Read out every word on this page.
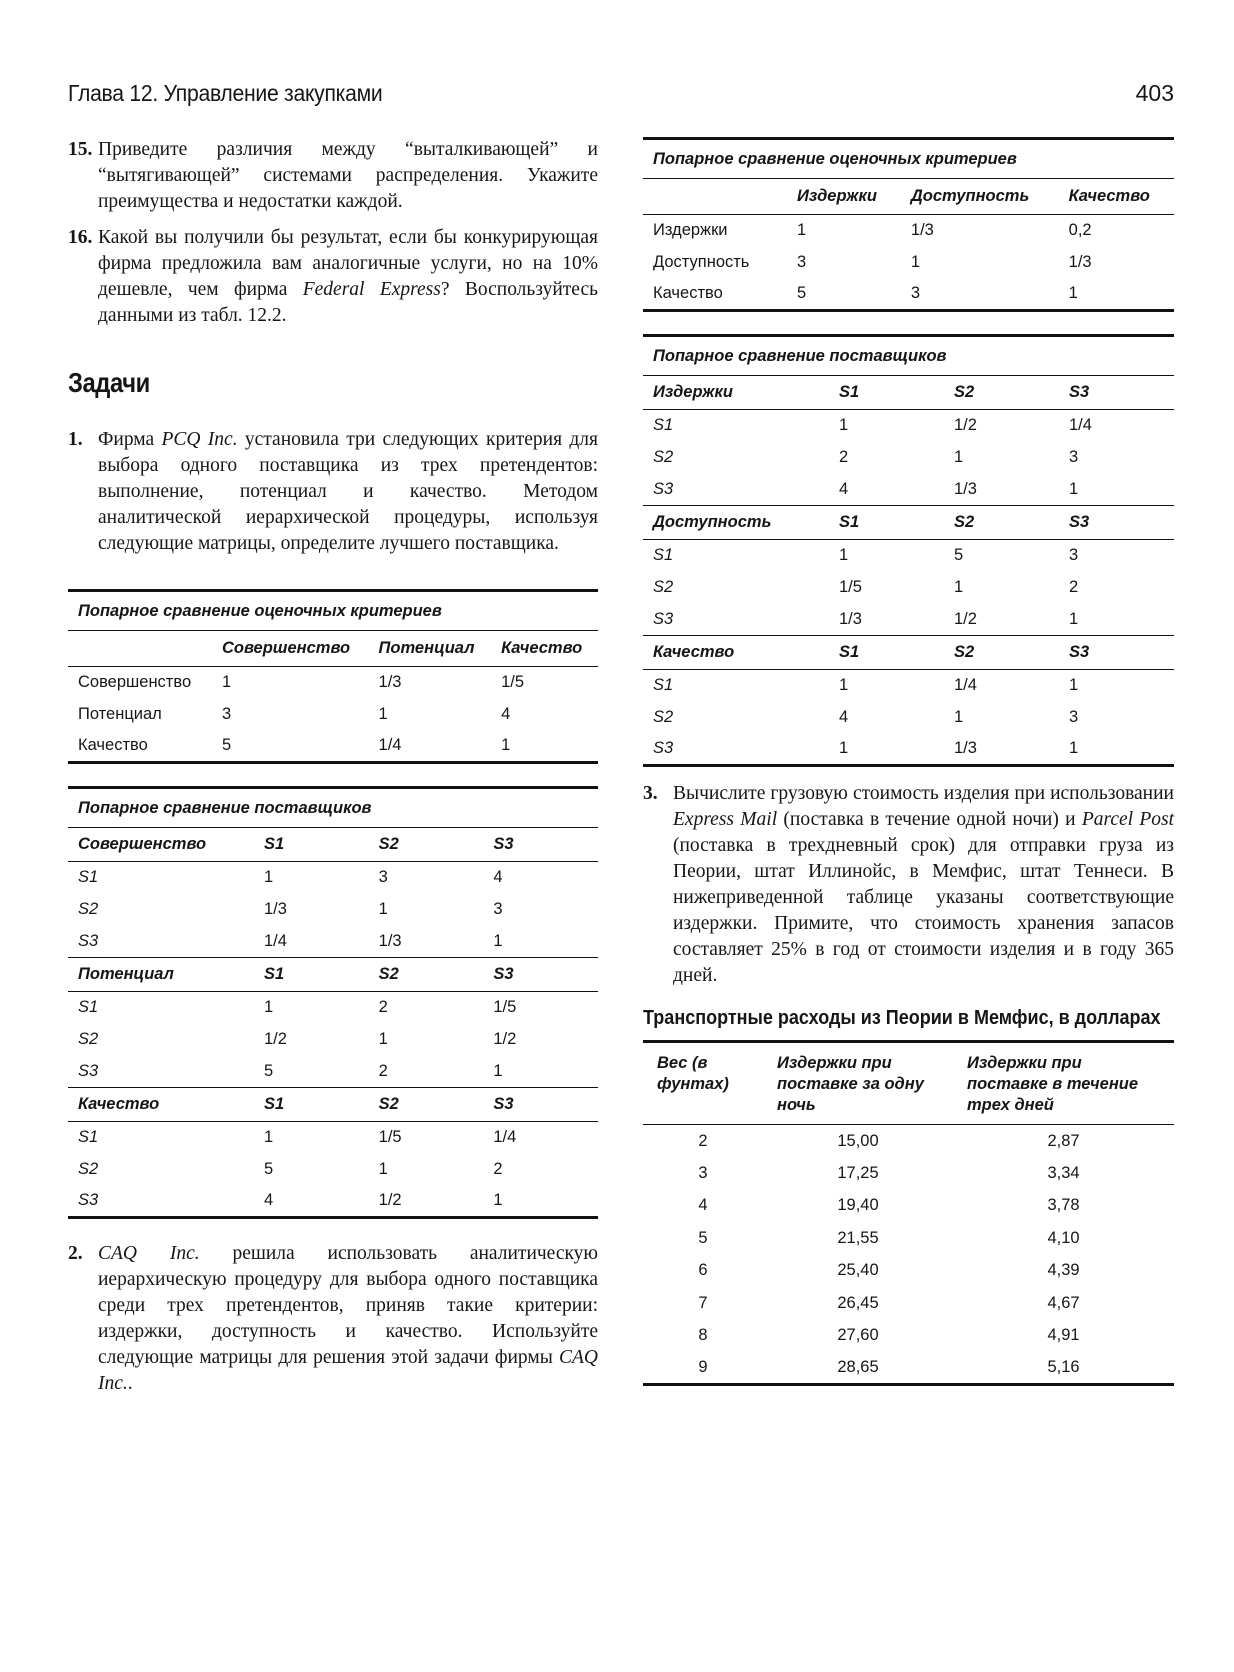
Глава 12. Управление закупками	403
15. Приведите различия между “выталкивающей” и “вытягивающей” системами распределения. Укажите преимущества и недостатки каждой.
16. Какой вы получили бы результат, если бы конкурирующая фирма предложила вам аналогичные услуги, но на 10% дешевле, чем фирма Federal Express? Воспользуйтесь данными из табл. 12.2.
Задачи
1. Фирма PCQ Inc. установила три следующих критерия для выбора одного поставщика из трех претендентов: выполнение, потенциал и качество. Методом аналитической иерархической процедуры, используя следующие матрицы, определите лучшего поставщика.
Попарное сравнение оценочных критериев			
	Совершенство	Потенциал	Качество
Совершенство	1	1/3	1/5
Потенциал	3	1	4
Качество	5	1/4	1
Попарное сравнение поставщиков			
Совершенство	S1	S2	S3
S1	1	3	4
S2	1/3	1	3
S3	1/4	1/3	1
Потенциал	S1	S2	S3
S1	1	2	1/5
S2	1/2	1	1/2
S3	5	2	1
Качество	S1	S2	S3
S1	1	1/5	1/4
S2	5	1	2
S3	4	1/2	1
2. CAQ Inc. решила использовать аналитическую иерархическую процедуру для выбора одного поставщика среди трех претендентов, приняв такие критерии: издержки, доступность и качество. Используйте следующие матрицы для решения этой задачи фирмы CAQ Inc..
Попарное сравнение оценочных критериев			
	Издержки	Доступность	Качество
Издержки	1	1/3	0,2
Доступность	3	1	1/3
Качество	5	3	1
Попарное сравнение поставщиков			
Издержки	S1	S2	S3
S1	1	1/2	1/4
S2	2	1	3
S3	4	1/3	1
Доступность	S1	S2	S3
S1	1	5	3
S2	1/5	1	2
S3	1/3	1/2	1
Качество	S1	S2	S3
S1	1	1/4	1
S2	4	1	3
S3	1	1/3	1
3. Вычислите грузовую стоимость изделия при использовании Express Mail (поставка в течение одной ночи) и Parcel Post (поставка в трехдневный срок) для отправки груза из Пеории, штат Иллинойс, в Мемфис, штат Теннеси. В нижеприведенной таблице указаны соответствующие издержки. Примите, что стоимость хранения запасов составляет 25% в год от стоимости изделия и в году 365 дней.
Транспортные расходы из Пеории в Мемфис, в долларах
Вес (в фунтах)	Издержки при поставке за одну ночь	Издержки при поставке в течение трех дней
2	15,00	2,87
3	17,25	3,34
4	19,40	3,78
5	21,55	4,10
6	25,40	4,39
7	26,45	4,67
8	27,60	4,91
9	28,65	5,16
